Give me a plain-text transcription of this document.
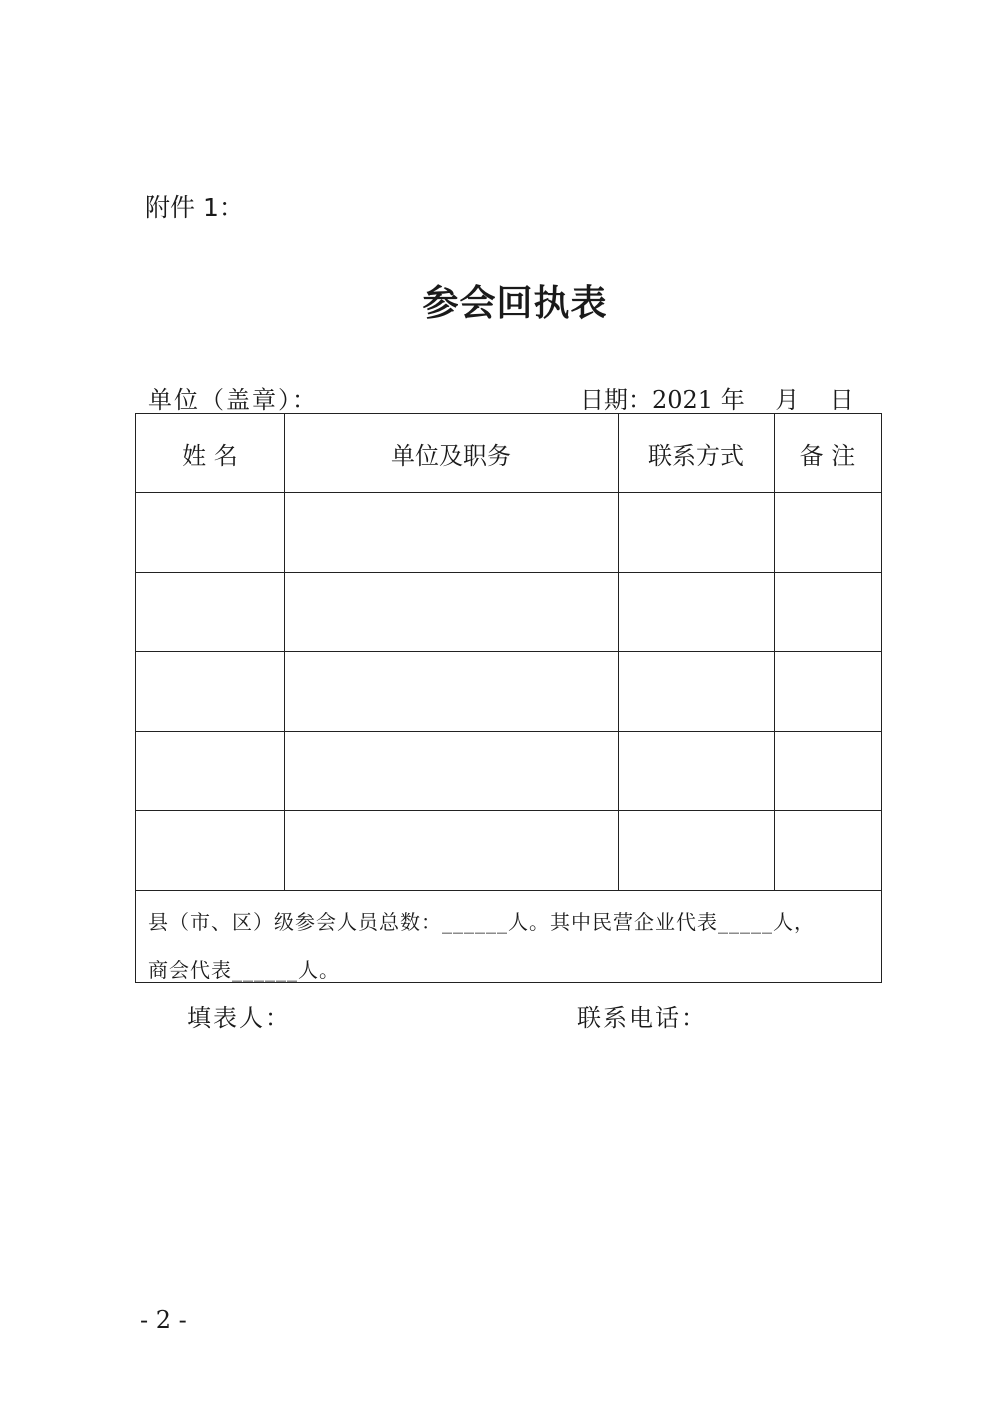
附件 1：
参会回执表
单位（盖章）：	日期：2021 年    月    日
姓 名	单位及职务	联系方式	备 注
县（市、区）级参会人员总数：______人。其中民营企业代表_____人，
商会代表______人。
填表人：	联系电话：
- 2 -
